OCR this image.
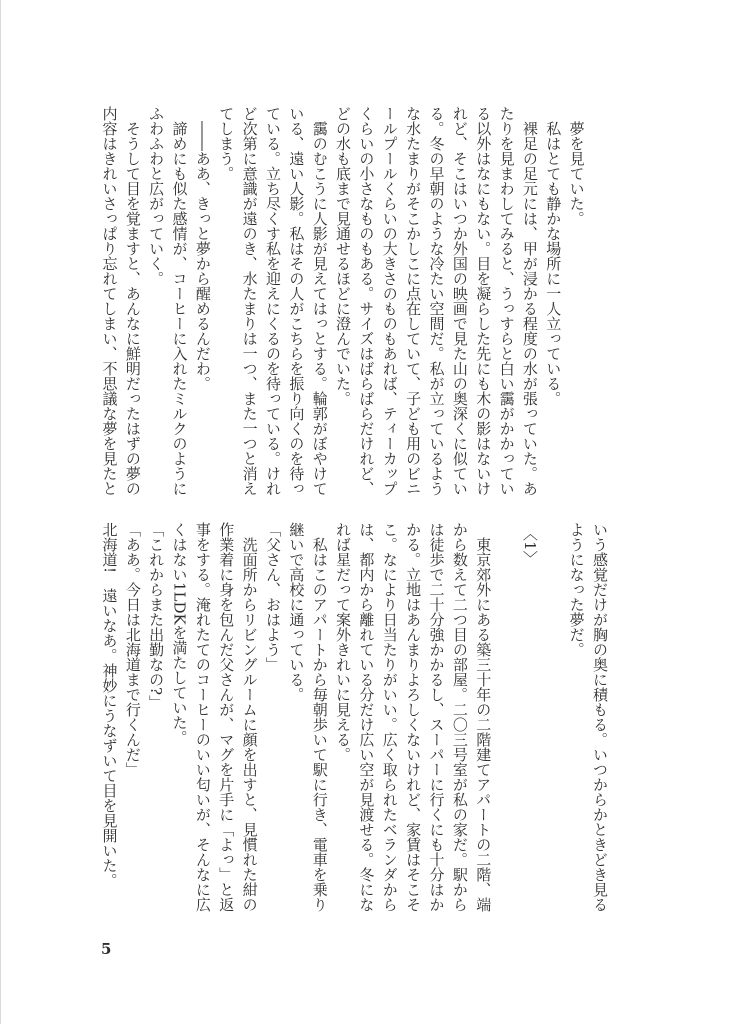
　夢を見ていた。
　私はとても静かな場所に一人立っている。
　裸足の足元には、甲が浸かる程度の水が張っていた。あ
たりを見まわしてみると、うっすらと白い靄がかかってい
る以外はなにもない。目を凝らした先にも木の影はないけ
れど、そこはいつか外国の映画で見た山の奥深くに似てい
る。冬の早朝のような冷たい空間だ。私が立っているよう
な水たまりがそこかしこに点在していて、子ども用のビニ
ールプールくらいの大きさのものもあれば、ティーカップ
くらいの小さなものもある。サイズはばらばらだけれど、
どの水も底まで見通せるほどに澄んでいた。
　靄のむこうに人影が見えてはっとする。輪郭がぼやけて
いる、遠い人影。私はその人がこちらを振り向くのを待っ
ている。立ち尽くす私を迎えにくるのを待っている。けれ
ど次第に意識が遠のき、水たまりは一つ、また一つと消え
てしまう。
　――ああ、きっと夢から醒めるんだわ。
　諦めにも似た感情が、コーヒーに入れたミルクのように
ふわふわと広がっていく。
　そうして目を覚ますと、あんなに鮮明だったはずの夢の
内容はきれいさっぱり忘れてしまい、不思議な夢を見たと
いう感覚だけが胸の奥に積もる。いつからかときどき見る
ようになった夢だ。
〈1〉
　東京郊外にある築三十年の二階建てアパートの二階、端
から数えて二つ目の部屋。二〇三号室が私の家だ。駅から
は徒歩で二十分強かかるし、スーパーに行くにも十分はか
かる。立地はあんまりよろしくないけれど、家賃はそこそ
こ。なにより日当たりがいい。広く取られたベランダから
は、都内から離れている分だけ広い空が見渡せる。冬にな
れば星だって案外きれいに見える。
　私はこのアパートから毎朝歩いて駅に行き、電車を乗り
継いで高校に通っている。
「父さん、おはよう」
　洗面所からリビングルームに顔を出すと、見慣れた紺の
作業着に身を包んだ父さんが、マグを片手に「よっ」と返
事をする。淹れたてのコーヒーのいい匂いが、そんなに広
くはない1LDKを満たしていた。
「これからまた出勤なの?」
「ああ。今日は北海道まで行くんだ」
北海道!　遠いなあ。神妙にうなずいて目を見開いた。
5
